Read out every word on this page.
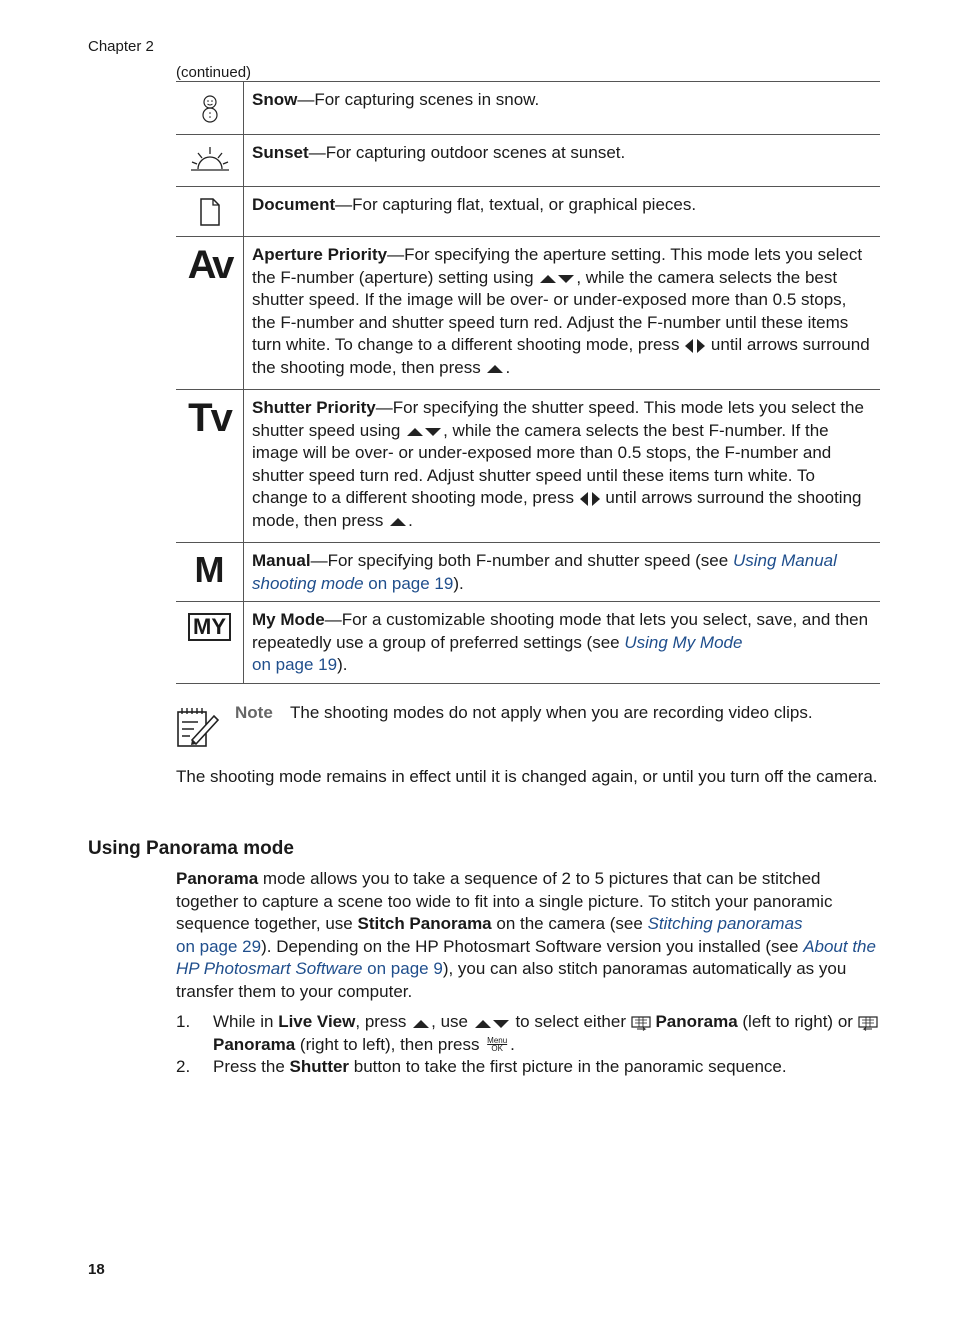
Chapter 2
(continued)
	Snow—For capturing scenes in snow.

	Sunset—For capturing outdoor scenes at sunset.

	Document—For capturing flat, textual, or graphical pieces.

Av	Aperture Priority—For specifying the aperture setting. This mode lets you select the F-number (aperture) setting using , while the camera selects the best shutter speed. If the image will be over- or under-exposed more than 0.5 stops, the F-number and shutter speed turn red. Adjust the F-number until these items turn white. To change to a different shooting mode, press  until arrows surround the shooting mode, then press .

Tv	Shutter Priority—For specifying the shutter speed. This mode lets you select the shutter speed using , while the camera selects the best F-number. If the image will be over- or under-exposed more than 0.5 stops, the F-number and shutter speed turn red. Adjust shutter speed until these items turn white. To change to a different shooting mode, press  until arrows surround the shooting mode, then press .

M	Manual—For specifying both F-number and shutter speed (see Using Manual shooting mode on page 19).
MY	My Mode—For a customizable shooting mode that lets you select, save, and then repeatedly use a group of preferred settings (see Using My Mode
on page 19).
Note The shooting modes do not apply when you are recording video clips.
The shooting mode remains in effect until it is changed again, or until you turn off the camera.
Using Panorama mode
Panorama mode allows you to take a sequence of 2 to 5 pictures that can be stitched together to capture a scene too wide to fit into a single picture. To stitch your panoramic sequence together, use Stitch Panorama on the camera (see Stitching panoramas
on page 29). Depending on the HP Photosmart Software version you installed (see About the HP Photosmart Software on page 9), you can also stitch panoramas automatically as you transfer them to your computer.
1. While in Live View, press , use  to select either  Panorama (left to right) or  Panorama (right to left), then press Menu
OK .
2. Press the Shutter button to take the first picture in the panoramic sequence.
18
